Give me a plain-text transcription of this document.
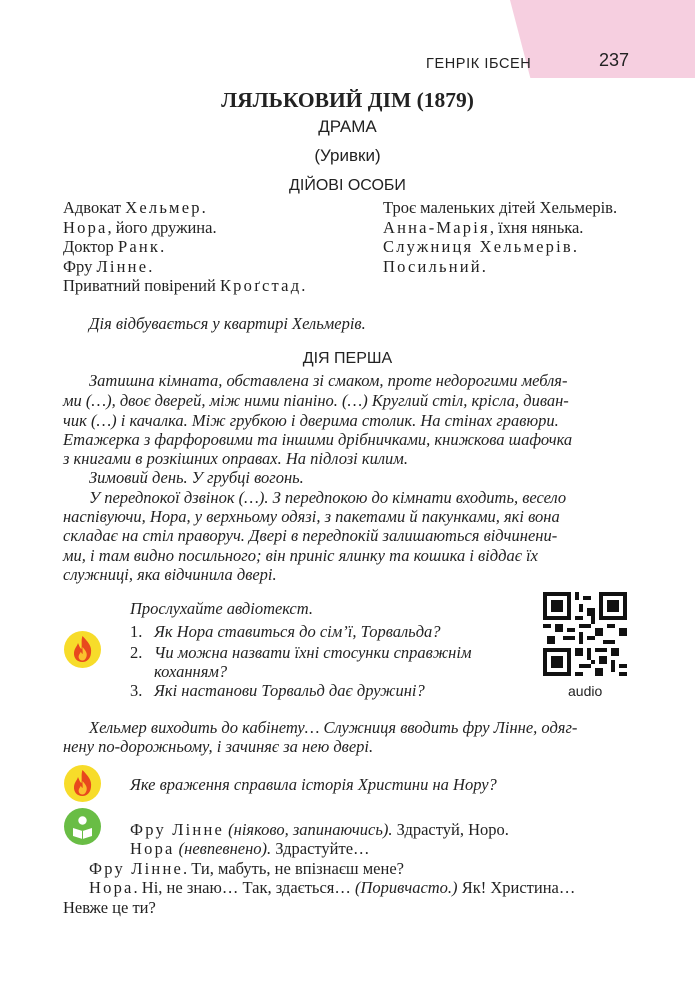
ГЕНРІК ІБСЕН	237
ЛЯЛЬКОВИЙ ДІМ (1879)
ДРАМА
(Уривки)
ДІЙОВІ ОСОБИ
Адвокат Хельмер.
Нора, його дружина.
Доктор Ранк.
Фру Лінне.
Приватний повірений Кроґстад.
Троє маленьких дітей Хельмерів.
Анна-Марія, їхня нянька.
Служниця Хельмерів.
Посильний.
Дія відбувається у квартирі Хельмерів.
ДІЯ ПЕРША
Затишна кімната, обставлена зі смаком, проте недорогими мебля-
ми (…), двоє дверей, між ними піаніно. (…) Круглий стіл, крісла, диван-
чик (…) і качалка. Між грубкою і дверима столик. На стінах гравюри.
Етажерка з фарфоровими та іншими дрібничками, книжкова шафочка
з книгами в розкішних оправах. На підлозі килим.
Зимовий день. У грубці вогонь.
У передпокої дзвінок (…). З передпокою до кімнати входить, весело
наспівуючи, Нора, у верхньому одязі, з пакетами й пакунками, які вона
складає на стіл праворуч. Двері в передпокій залишаються відчинени-
ми, і там видно посильного; він приніс ялинку та кошика і віддає їх
служниці, яка відчинила двері.
Прослухайте авдіотекст.
1. Як Нора ставиться до сім’ї, Торвальда?
2. Чи можна назвати їхні стосунки справжнім
коханням?
3. Які настанови Торвальд дає дружині?	audio
Хельмер виходить до кабінету… Служниця вводить фру Лінне, одяг-
нену по-дорожньому, і зачиняє за нею двері.
Яке враження справила історія Христини на Нору?
Фру Лінне (ніяково, запинаючись). Здрастуй, Норо.
Нора (невпевнено). Здрастуйте…
Фру Лінне. Ти, мабуть, не впізнаєш мене?
Нора. Ні, не знаю… Так, здається… (Поривчасто.) Як! Христина…
Невже це ти?
